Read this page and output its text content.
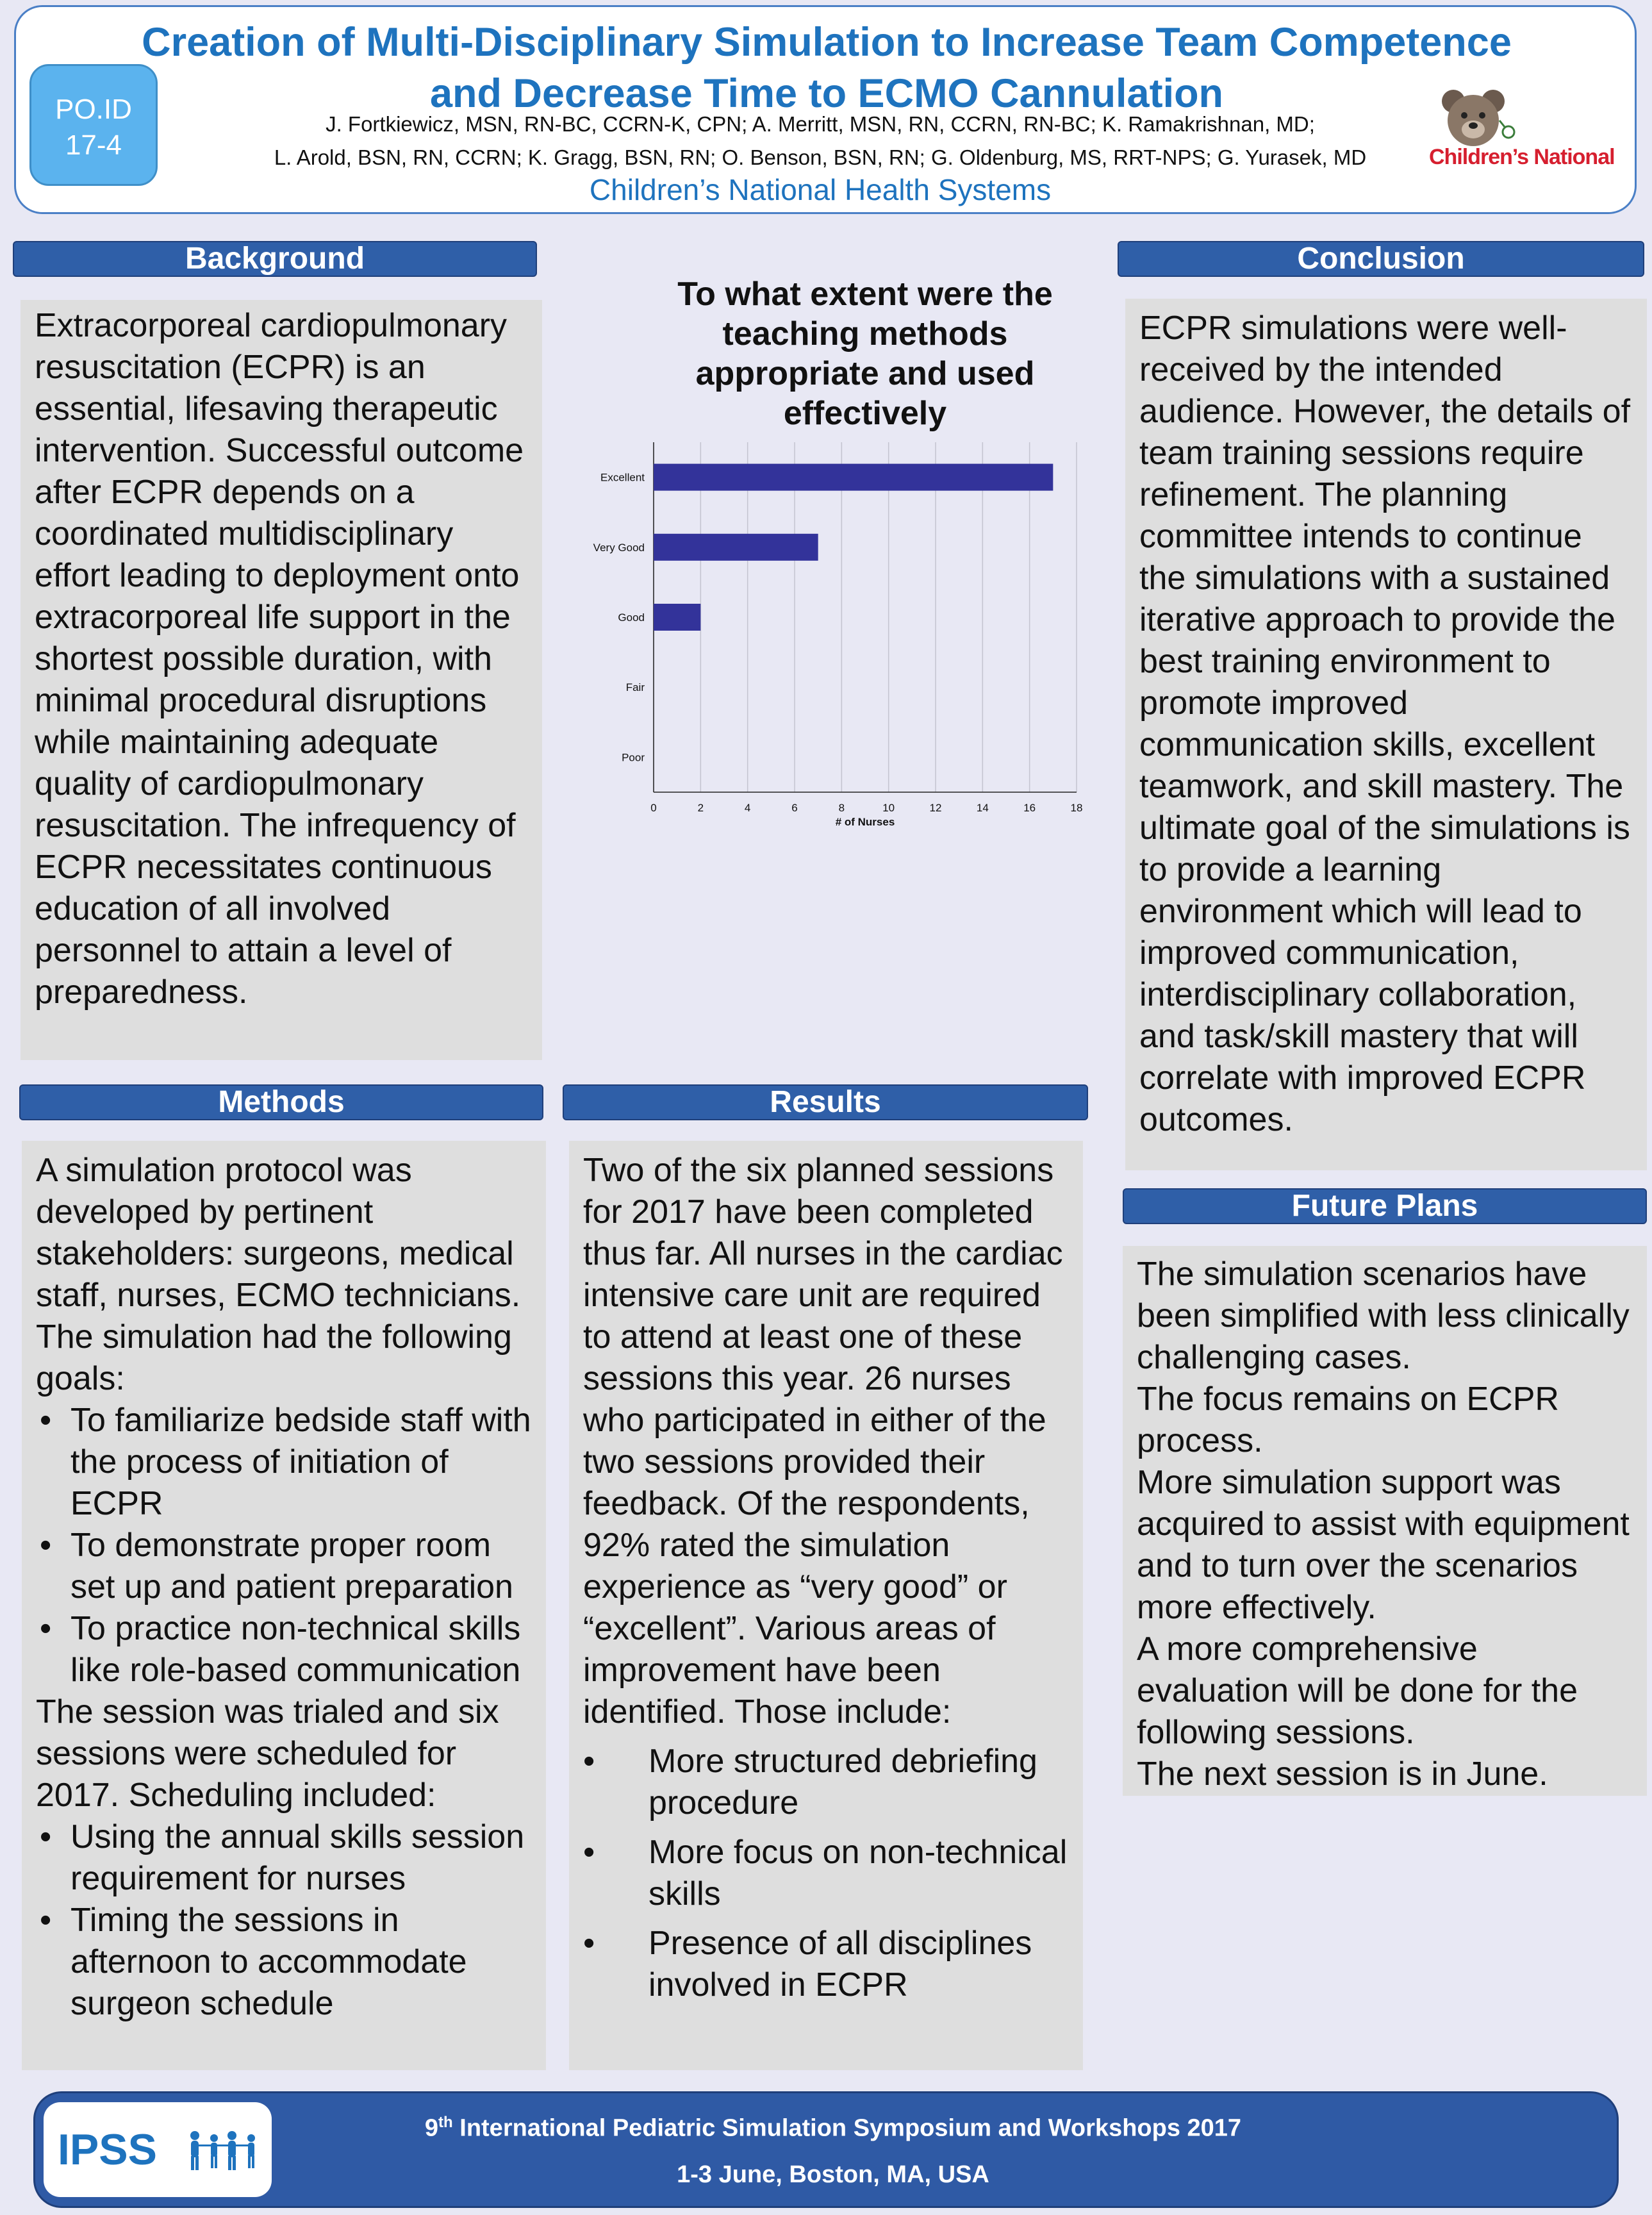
Creation of Multi-Disciplinary Simulation to Increase Team Competence
and Decrease Time to ECMO Cannulation
PO.ID
17-4
J. Fortkiewicz, MSN, RN-BC, CCRN-K, CPN; A. Merritt, MSN, RN, CCRN, RN-BC; K. Ramakrishnan, MD;
L. Arold, BSN, RN, CCRN; K. Gragg, BSN, RN; O. Benson, BSN, RN; G. Oldenburg, MS, RRT-NPS; G. Yurasek, MD
Children’s National Health Systems
Children’s National
Background
Extracorporeal cardiopulmonary resuscitation (ECPR) is an essential, lifesaving therapeutic intervention. Successful outcome after ECPR depends on a coordinated multidisciplinary effort leading to deployment onto extracorporeal life support in the shortest possible duration, with minimal procedural disruptions while maintaining adequate quality of cardiopulmonary resuscitation. The infrequency of ECPR necessitates continuous education of all involved personnel to attain a level of preparedness.
To what extent were the teaching methods appropriate and used effectively
Excellent
Very Good
Good
Fair
Poor
0	2	4	6	8	10	12	14	16	18
# of Nurses
Methods
A simulation protocol was developed by pertinent stakeholders: surgeons, medical staff, nurses, ECMO technicians. The simulation had the following goals:
• To familiarize bedside staff with the process of initiation of ECPR
• To demonstrate proper room set up and patient preparation
• To practice non-technical skills like role-based communication
The session was trialed and six sessions were scheduled for 2017. Scheduling included:
• Using the annual skills session requirement for nurses
• Timing the sessions in afternoon to accommodate surgeon schedule
Results
Two of the six planned sessions for 2017 have been completed thus far. All nurses in the cardiac intensive care unit are required to attend at least one of these sessions this year. 26 nurses who participated in either of the two sessions provided their feedback. Of the respondents, 92% rated the simulation experience as “very good” or “excellent”. Various areas of improvement have been identified. Those include:
• More structured debriefing procedure
• More focus on non-technical skills
• Presence of all disciplines involved in ECPR
Conclusion
ECPR simulations were well-received by the intended audience. However, the details of team training sessions require refinement. The planning committee intends to continue the simulations with a sustained iterative approach to provide the best training environment to promote improved communication skills, excellent teamwork, and skill mastery. The ultimate goal of the simulations is to provide a learning environment which will lead to improved communication, interdisciplinary collaboration, and task/skill mastery that will correlate with improved ECPR outcomes.
Future Plans
The simulation scenarios have been simplified with less clinically challenging cases.
The focus remains on ECPR process.
More simulation support was acquired to assist with equipment and to turn over the scenarios more effectively.
A more comprehensive evaluation will be done for the following sessions.
The next session is in June.
IPSS	9th International Pediatric Simulation Symposium and Workshops 2017
1-3 June, Boston, MA, USA
